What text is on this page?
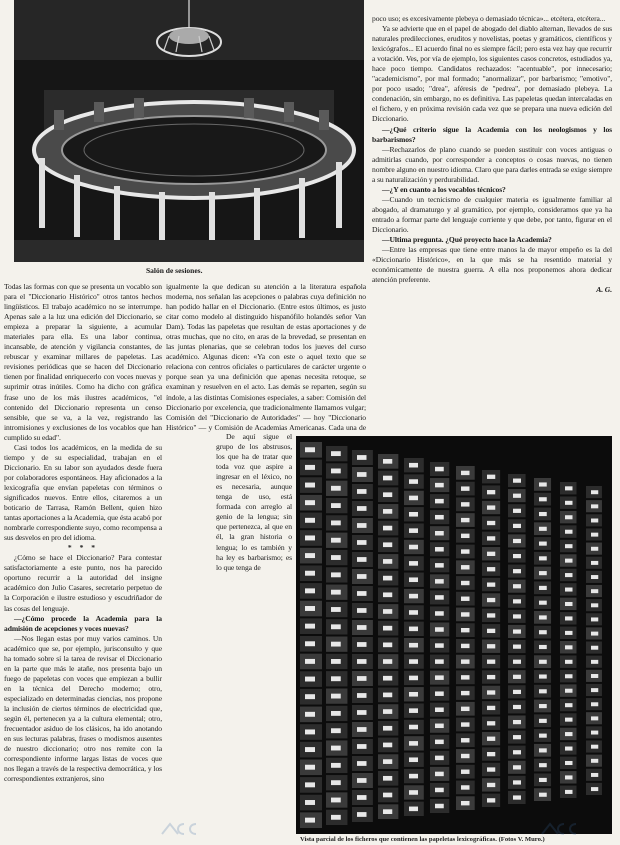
Salón de sesiones.

poco uso; es excesivamente plebeya o demasiado técnica»... etcétera, etcétera...

Ya se advierte que en el papel de abogado del diablo alternan, llevados de sus naturales predilecciones, eruditos y novelistas, poetas y gramáticos, científicos y lexicógrafos... El acuerdo final no es siempre fácil; pero esta vez hay que recurrir a votación. Ves, por vía de ejemplo, los siguientes casos concretos, estudiados ya, hace poco tiempo. Candidatos rechazados: "acentuable", por innecesario; "academicismo", por mal formado; "anormalizar", por barbarismo; "emotivo", por poco usado; "drea", aféresis de "pedrea", por demasiado plebeya. La condenación, sin embargo, no es definitiva. Las papeletas quedan intercaladas en el fichero, y en próxima revisión cada vez que se prepara una nueva edición del Diccionario.

—¿Qué criterio sigue la Academia con los neologismos y los barbarismos?

—Rechazarlos de plano cuando se pueden sustituir con voces antiguas o admitirlas cuando, por corresponder a conceptos o cosas nuevas, no tienen nombre alguno en nuestro idioma. Claro que para darles entrada se exige siempre a su naturalización y perdurabilidad.

—¿Y en cuanto a los vocablos técnicos?

—Cuando un tecnicismo de cualquier materia es igualmente familiar al abogado, al dramaturgo y al gramático, por ejemplo, consideramos que ya ha entrado a formar parte del lenguaje corriente y que debe, por tanto, figurar en el Diccionario.

—Ultima pregunta. ¿Qué proyecto hace la Academia?

—Entre las empresas que tiene entre manos la de mayor empeño es la del «Diccionario Histórico», en la que más se ha resentido material y económicamente de nuestra guerra. A ella nos proponemos ahora dedicar atención preferente.

A. G.

Todas las formas con que se presenta un vocablo son para el "Diccionario Histórico" otros tantos hechos lingüísticos. El trabajo académico no se interrumpe. Apenas sale a la luz una edición del Diccionario, se empieza a preparar la siguiente, a acumular materiales para ella. Es una labor continua, incansable, de atención y vigilancia constantes, de rebuscar y examinar millares de papeletas. Las revisiones periódicas que se hacen del Diccionario tienen por finalidad enriquecerlo con voces nuevas y suprimir otras inútiles. Como ha dicho con gráfica frase uno de los más ilustres académicos, "el contenido del Diccionario representa un censo sensible, que se va, a la vez, registrando las intromisiones y exclusiones de los vocablos que han cumplido su edad".

Casi todos los académicos, en la medida de su tiempo y de su especialidad, trabajan en el Diccionario. En su labor son ayudados desde fuera por colaboradores espontáneos. Hay aficionados a la lexicografía que envían papeletas con términos o significados nuevos. Entre ellos, citaremos a un boticario de Tarrasa, Ramón Bellent, quien hizo tantas aportaciones a la Academia, que ésta acabó por nombrarle correspondiente suyo, como recompensa a sus desvelos en pro del idioma.

* * *

¿Cómo se hace el Diccionario? Para contestar satisfactoriamente a este punto, nos ha parecido oportuno recurrir a la autoridad del insigne académico don Julio Casares, secretario perpetuo de la Corporación e ilustre estudioso y escudriñador de las cosas del lenguaje.

—¿Cómo procede la Academia para la admisión de acepciones y voces nuevas?

—Nos llegan estas por muy varios caminos. Un académico que se, por ejemplo, jurisconsulto y que ha tomado sobre sí la tarea de revisar el Diccionario en la parte que más le atañe, nos presenta bajo un fuego de papeletas con voces que empiezan a bullir en la técnica del Derecho moderno; otro, especializado en determinadas ciencias, nos propone la inclusión de ciertos términos de electricidad que, según él, pertenecen ya a la cultura elemental; otro, frecuentador asiduo de los clásicos, ha ido anotando en sus lecturas palabras, frases o modismos ausentes de nuestro diccionario; otro nos remite con la correspondiente informe largas listas de voces que nos llegan a través de la respectiva democrática, y los correspondientes extranjeros, sino

igualmente la que dedican su atención a la literatura española moderna, nos señalan las acepciones o palabras cuya definición no han podido hallar en el Diccionario. (Entre estos últimos, es justo citar como modelo al distinguido hispanófilo holandés señor Van Dam). Todas las papeletas que resultan de estas aportaciones y de otras muchas, que no cito, en aras de la brevedad, se presentan en las juntas plenarias, que se celebran todos los jueves del curso académico. Algunas dicen: «Ya con este o aquel texto que se relaciona con centros oficiales o particulares de carácter urgente o porque sean ya una definición que apenas necesita retoque, se examinan y resuelven en el acto. Las demás se reparten, según su índole, a las distintas Comisiones especiales, a saber: Comisión del Diccionario por excelencia, que tradicionalmente llamamos vulgar; Comisión del "Diccionario de Autoridades" — hoy "Diccionario Histórico" — y Comisión de Academias Americanas. Cada una de

De aquí sigue el grupo de los abstrusos, los que ha de tratar que toda voz que aspire a ingresar en el léxico, no es necesaria, aunque tenga de uso, está formada con arreglo al genio de la lengua; sin que pertenezca, al que en él, la gran historia o lengua; lo es también y ha ley es barbarismo; es lo que tenga de

Vista parcial de los ficheros que contienen las papeletas lexicográficas. (Fotos V. Muro.)
